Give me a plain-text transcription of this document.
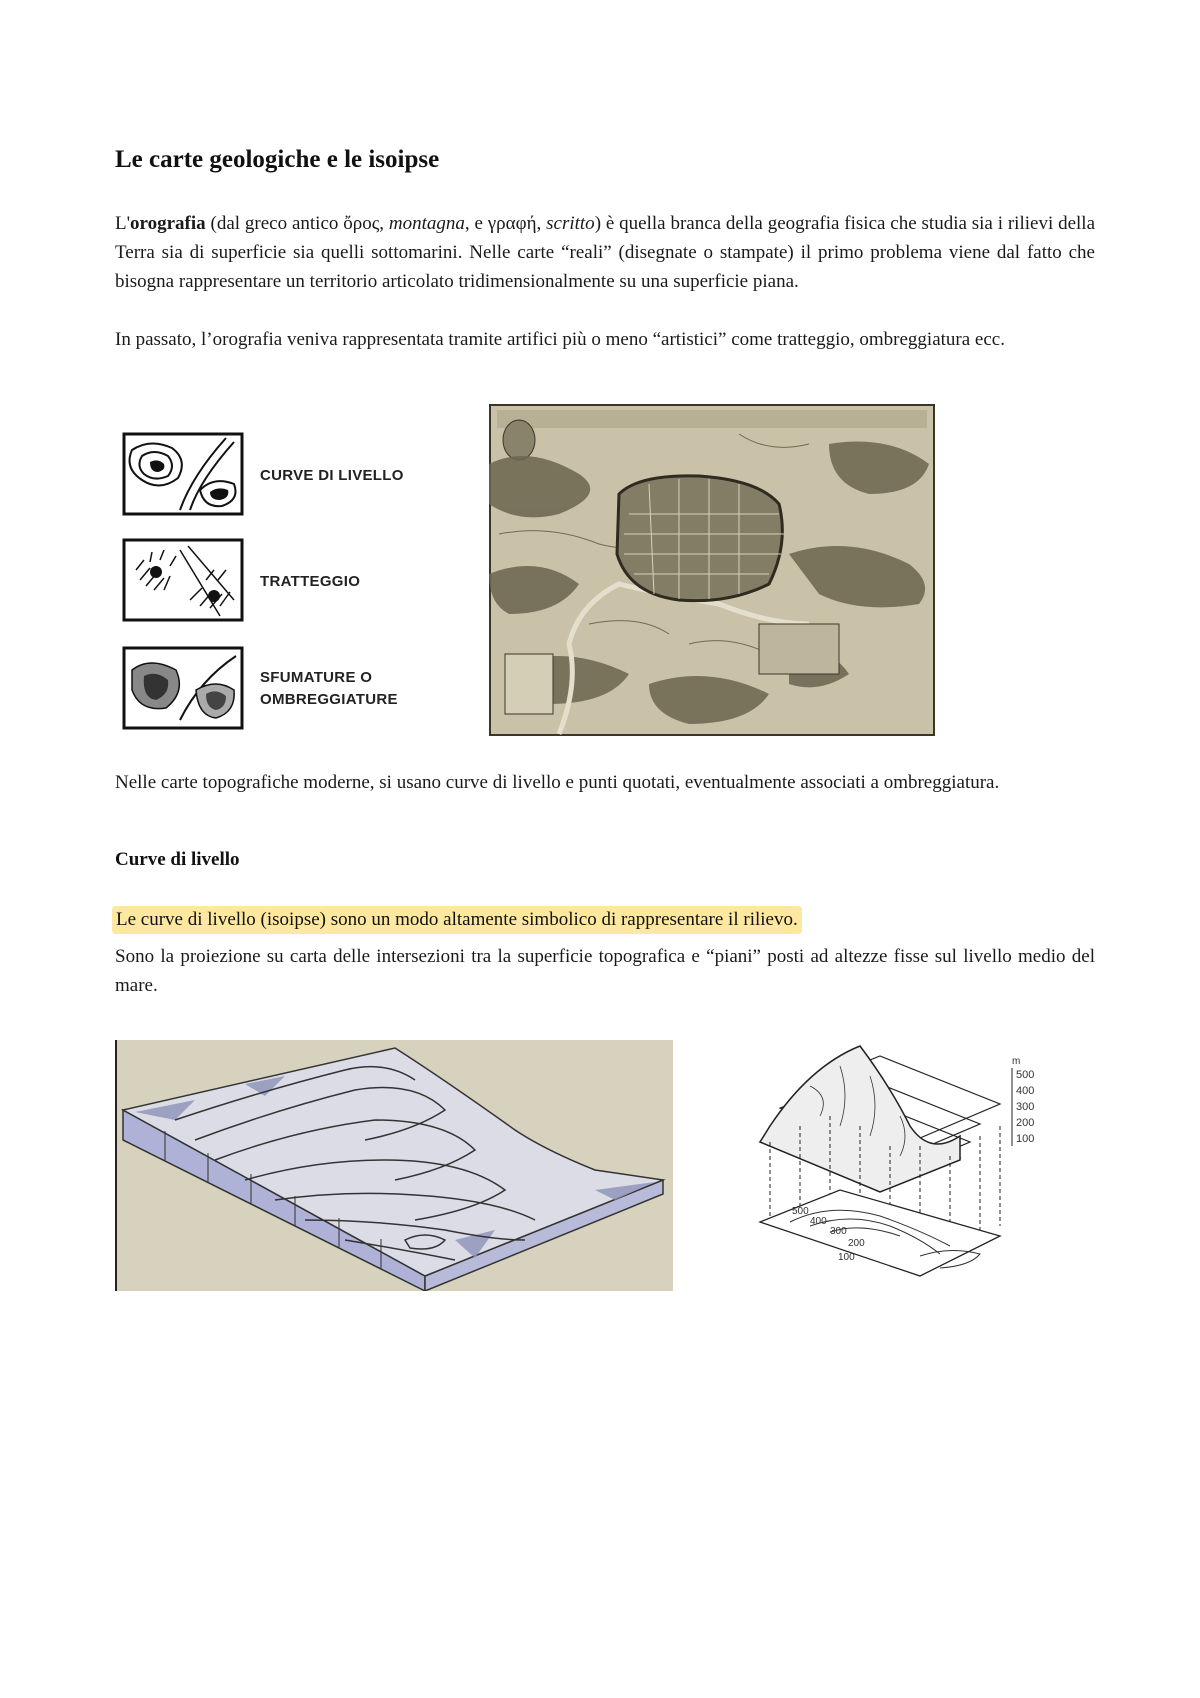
Le carte geologiche e le isoipse

L'orografia (dal greco antico ὄρος, montagna, e γραφή, scritto) è quella branca della geografia fisica che studia sia i rilievi della Terra sia di superficie sia quelli sottomarini. Nelle carte “reali” (disegnate o stampate) il primo problema viene dal fatto che bisogna rappresentare un territorio articolato tridimensionalmente su una superficie piana.

In passato, l’orografia veniva rappresentata tramite artifici più o meno “artistici” come tratteggio, ombreggiatura ecc.

CURVE DI LIVELLO
TRATTEGGIO
SFUMATURE O
OMBREGGIATURE

Nelle carte topografiche moderne, si usano curve di livello e punti quotati, eventualmente associati a ombreggiatura.

Curve di livello

Le curve di livello (isoipse) sono un modo altamente simbolico di rappresentare il rilievo.

Sono la proiezione su carta delle intersezioni tra la superficie topografica e “piani” posti ad altezze fisse sul livello medio del mare.

m
500
400
300
200
100
500
400
300
200
100
